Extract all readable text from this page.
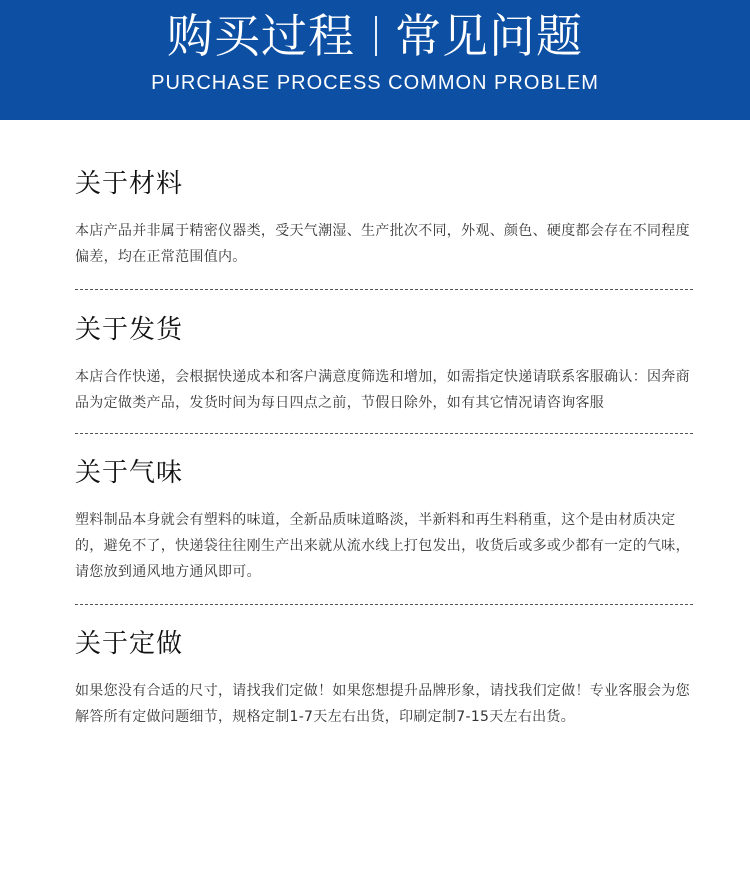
购买过程 常见问题
PURCHASE PROCESS COMMON PROBLEM
关于材料

本店产品并非属于精密仪器类，受天气潮湿、生产批次不同，外观、颜色、硬度都会存在不同程度偏差，均在正常范围值内。

关于发货

本店合作快递，会根据快递成本和客户满意度筛选和增加，如需指定快递请联系客服确认：因奔商品为定做类产品，发货时间为每日四点之前，节假日除外，如有其它情况请咨询客服

关于气味

塑料制品本身就会有塑料的味道，全新品质味道略淡，半新料和再生料稍重，这个是由材质决定的，避免不了，快递袋往往刚生产出来就从流水线上打包发出，收货后或多或少都有一定的气味，请您放到通风地方通风即可。

关于定做

如果您没有合适的尺寸，请找我们定做！如果您想提升品牌形象，请找我们定做！专业客服会为您解答所有定做问题细节，规格定制1-7天左右出货，印刷定制7-15天左右出货。
